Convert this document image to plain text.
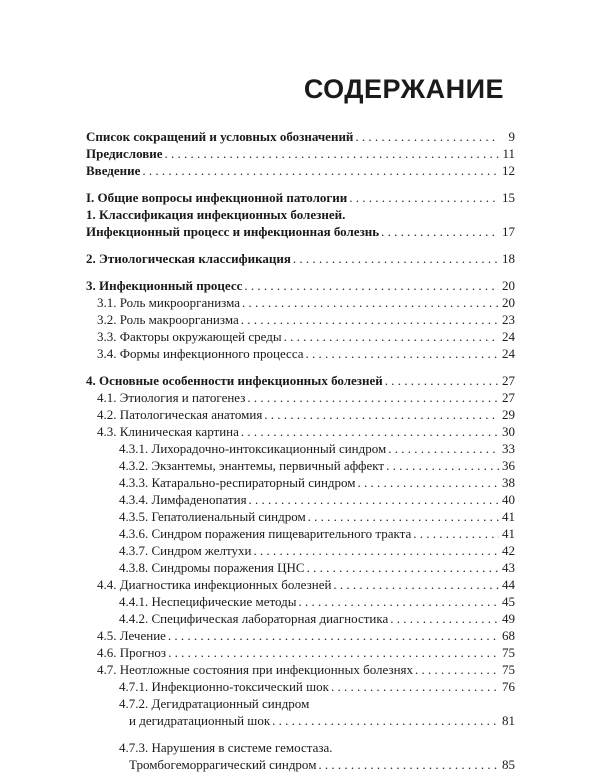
СОДЕРЖАНИЕ
Список сокращений и условных обозначений . . .	9
Предисловие . . .	11
Введение . . .	12
I. Общие вопросы инфекционной патологии . . .	15
1. Классификация инфекционных болезней.
Инфекционный процесс и инфекционная болезнь . . .	17
2. Этиологическая классификация . . .	18
3. Инфекционный процесс . . .	20
3.1. Роль микроорганизма . . .	20
3.2. Роль макроорганизма . . .	23
3.3. Факторы окружающей среды . . .	24
3.4. Формы инфекционного процесса . . .	24
4. Основные особенности инфекционных болезней . . .	27
4.1. Этиология и патогенез . . .	27
4.2. Патологическая анатомия . . .	29
4.3. Клиническая картина . . .	30
4.3.1. Лихорадочно-интоксикационный синдром . . .	33
4.3.2. Экзантемы, энантемы, первичный аффект . . .	36
4.3.3. Катарально-респираторный синдром . . .	38
4.3.4. Лимфаденопатия . . .	40
4.3.5. Гепатолиенальный синдром . . .	41
4.3.6. Синдром поражения пищеварительного тракта . . .	41
4.3.7. Синдром желтухи . . .	42
4.3.8. Синдромы поражения ЦНС . . .	43
4.4. Диагностика инфекционных болезней . . .	44
4.4.1. Неспецифические методы . . .	45
4.4.2. Специфическая лабораторная диагностика . . .	49
4.5. Лечение . . .	68
4.6. Прогноз . . .	75
4.7. Неотложные состояния при инфекционных болезнях . . .	75
4.7.1. Инфекционно-токсический шок . . .	76
4.7.2. Дегидратационный синдром
и дегидратационный шок . . .	81
4.7.3. Нарушения в системе гемостаза.
Тромбогеморрагический синдром . . .	85
